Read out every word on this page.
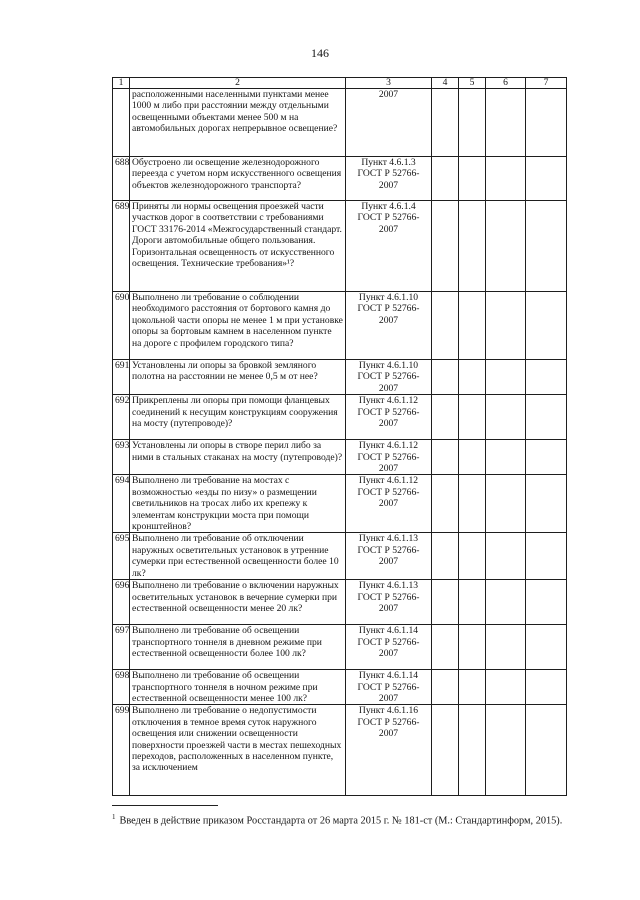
146
1	2	3	4	5	6	7
	расположенными населенными пунктами менее 1000 м либо при расстоянии между отдельными освещенными объектами менее 500 м на автомобильных дорогах непрерывное освещение?	2007				
688	Обустроено ли освещение железнодорожного переезда с учетом норм искусственного освещения объектов железнодорожного транспорта?	Пункт 4.6.1.3 ГОСТ Р 52766-2007				
689	Приняты ли нормы освещения проезжей части участков дорог в соответствии с требованиями ГОСТ 33176-2014 «Межгосударственный стандарт. Дороги автомобильные общего пользования. Горизонтальная освещенность от искусственного освещения. Технические требования»¹?	Пункт 4.6.1.4 ГОСТ Р 52766-2007				
690	Выполнено ли требование о соблюдении необходимого расстояния от бортового камня до цокольной части опоры не менее 1 м при установке опоры за бортовым камнем в населенном пункте на дороге с профилем городского типа?	Пункт 4.6.1.10 ГОСТ Р 52766-2007				
691	Установлены ли опоры за бровкой земляного полотна на расстоянии не менее 0,5 м от нее?	Пункт 4.6.1.10 ГОСТ Р 52766-2007				
692	Прикреплены ли опоры при помощи фланцевых соединений к несущим конструкциям сооружения на мосту (путепроводе)?	Пункт 4.6.1.12 ГОСТ Р 52766-2007				
693	Установлены ли опоры в створе перил либо за ними в стальных стаканах на мосту (путепроводе)?	Пункт 4.6.1.12 ГОСТ Р 52766-2007				
694	Выполнено ли требование на мостах с возможностью «езды по низу» о размещении светильников на тросах либо их крепежу к элементам конструкции моста при помощи кронштейнов?	Пункт 4.6.1.12 ГОСТ Р 52766-2007				
695	Выполнено ли требование об отключении наружных осветительных установок в утренние сумерки при естественной освещенности более 10 лк?	Пункт 4.6.1.13 ГОСТ Р 52766-2007				
696	Выполнено ли требование о включении наружных осветительных установок в вечерние сумерки при естественной освещенности менее 20 лк?	Пункт 4.6.1.13 ГОСТ Р 52766-2007				
697	Выполнено ли требование об освещении транспортного тоннеля в дневном режиме при естественной освещенности более 100 лк?	Пункт 4.6.1.14 ГОСТ Р 52766-2007				
698	Выполнено ли требование об освещении транспортного тоннеля в ночном режиме при естественной освещенности менее 100 лк?	Пункт 4.6.1.14 ГОСТ Р 52766-2007				
699	Выполнено ли требование о недопустимости отключения в темное время суток наружного освещения или снижении освещенности поверхности проезжей части в местах пешеходных переходов, расположенных в населенном пункте, за исключением	Пункт 4.6.1.16 ГОСТ Р 52766-2007				
$^1$ Введен в действие приказом Росстандарта от 26 марта 2015 г. № 181-ст (М.: Стандартинформ, 2015).
